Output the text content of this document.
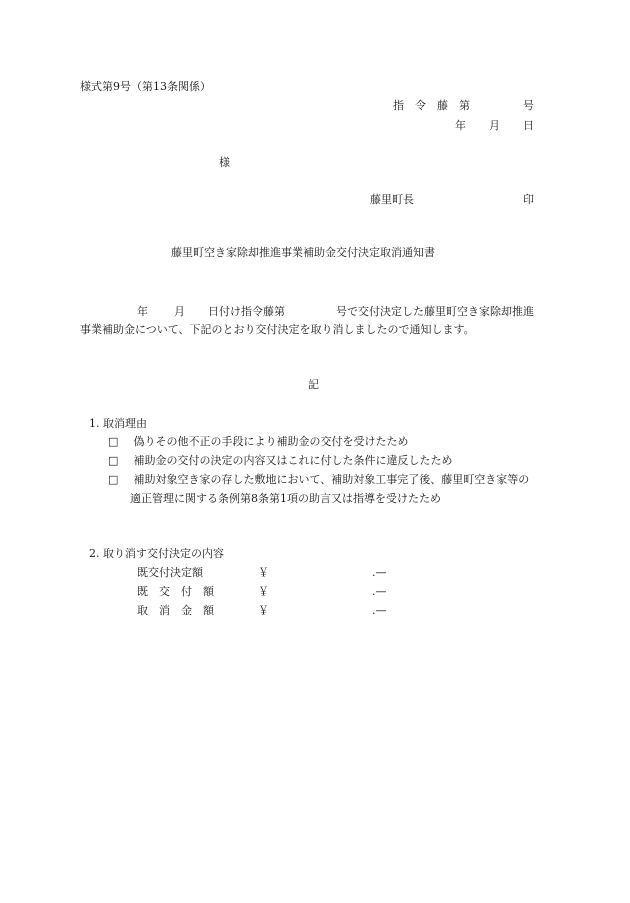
様式第9号（第13条関係）
指　令　藤　第	号
年 月 日
様
藤里町長	印
藤里町空き家除却推進事業補助金交付決定取消通知書
年 月 日付け指令藤第	号で交付決定した藤里町空き家除却推進
事業補助金について、下記のとおり交付決定を取り消しましたので通知します。
記
1. 取消理由
□ 偽りその他不正の手段により補助金の交付を受けたため
□ 補助金の交付の決定の内容又はこれに付した条件に違反したため
□ 補助対象空き家の存した敷地において、補助対象工事完了後、藤里町空き家等の
適正管理に関する条例第8条第1項の助言又は指導を受けたため
2. 取り消す交付決定の内容
既交付決定額	￥	.—
既　交　付　額	￥	.—
取　消　金　額	￥	.—
